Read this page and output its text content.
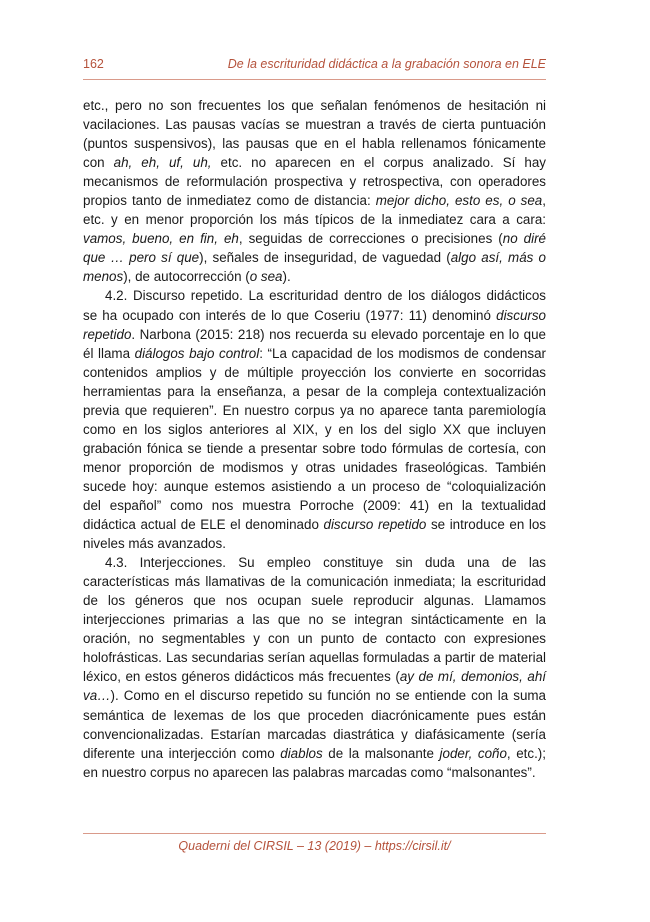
162	De la escrituridad didáctica a la grabación sonora en ELE

etc., pero no son frecuentes los que señalan fenómenos de hesitación ni vacilaciones. Las pausas vacías se muestran a través de cierta puntuación (puntos suspensivos), las pausas que en el habla rellenamos fónicamente con ah, eh, uf, uh, etc. no aparecen en el corpus analizado. Sí hay mecanismos de reformulación prospectiva y retrospectiva, con operadores propios tanto de inmediatez como de distancia: mejor dicho, esto es, o sea, etc. y en menor proporción los más típicos de la inmediatez cara a cara: vamos, bueno, en fin, eh, seguidas de correcciones o precisiones (no diré que … pero sí que), señales de inseguridad, de vaguedad (algo así, más o menos), de autocorrección (o sea).

4.2. Discurso repetido. La escrituridad dentro de los diálogos didácticos se ha ocupado con interés de lo que Coseriu (1977: 11) denominó discurso repetido. Narbona (2015: 218) nos recuerda su elevado porcentaje en lo que él llama diálogos bajo control: “La capacidad de los modismos de condensar contenidos amplios y de múltiple proyección los convierte en socorridas herramientas para la enseñanza, a pesar de la compleja contextualización previa que requieren”. En nuestro corpus ya no aparece tanta paremiología como en los siglos anteriores al XIX, y en los del siglo XX que incluyen grabación fónica se tiende a presentar sobre todo fórmulas de cortesía, con menor proporción de modismos y otras unidades fraseológicas. También sucede hoy: aunque estemos asistiendo a un proceso de “coloquialización del español” como nos muestra Porroche (2009: 41) en la textualidad didáctica actual de ELE el denominado discurso repetido se introduce en los niveles más avanzados.

4.3. Interjecciones. Su empleo constituye sin duda una de las características más llamativas de la comunicación inmediata; la escrituridad de los géneros que nos ocupan suele reproducir algunas. Llamamos interjecciones primarias a las que no se integran sintácticamente en la oración, no segmentables y con un punto de contacto con expresiones holofrásticas. Las secundarias serían aquellas formuladas a partir de material léxico, en estos géneros didácticos más frecuentes (ay de mí, demonios, ahí va…). Como en el discurso repetido su función no se entiende con la suma semántica de lexemas de los que proceden diacrónicamente pues están convencionalizadas. Estarían marcadas diastrática y diafásicamente (sería diferente una interjección como diablos de la malsonante joder, coño, etc.); en nuestro corpus no aparecen las palabras marcadas como “malsonantes”.

Quaderni del CIRSIL – 13 (2019) – https://cirsil.it/
